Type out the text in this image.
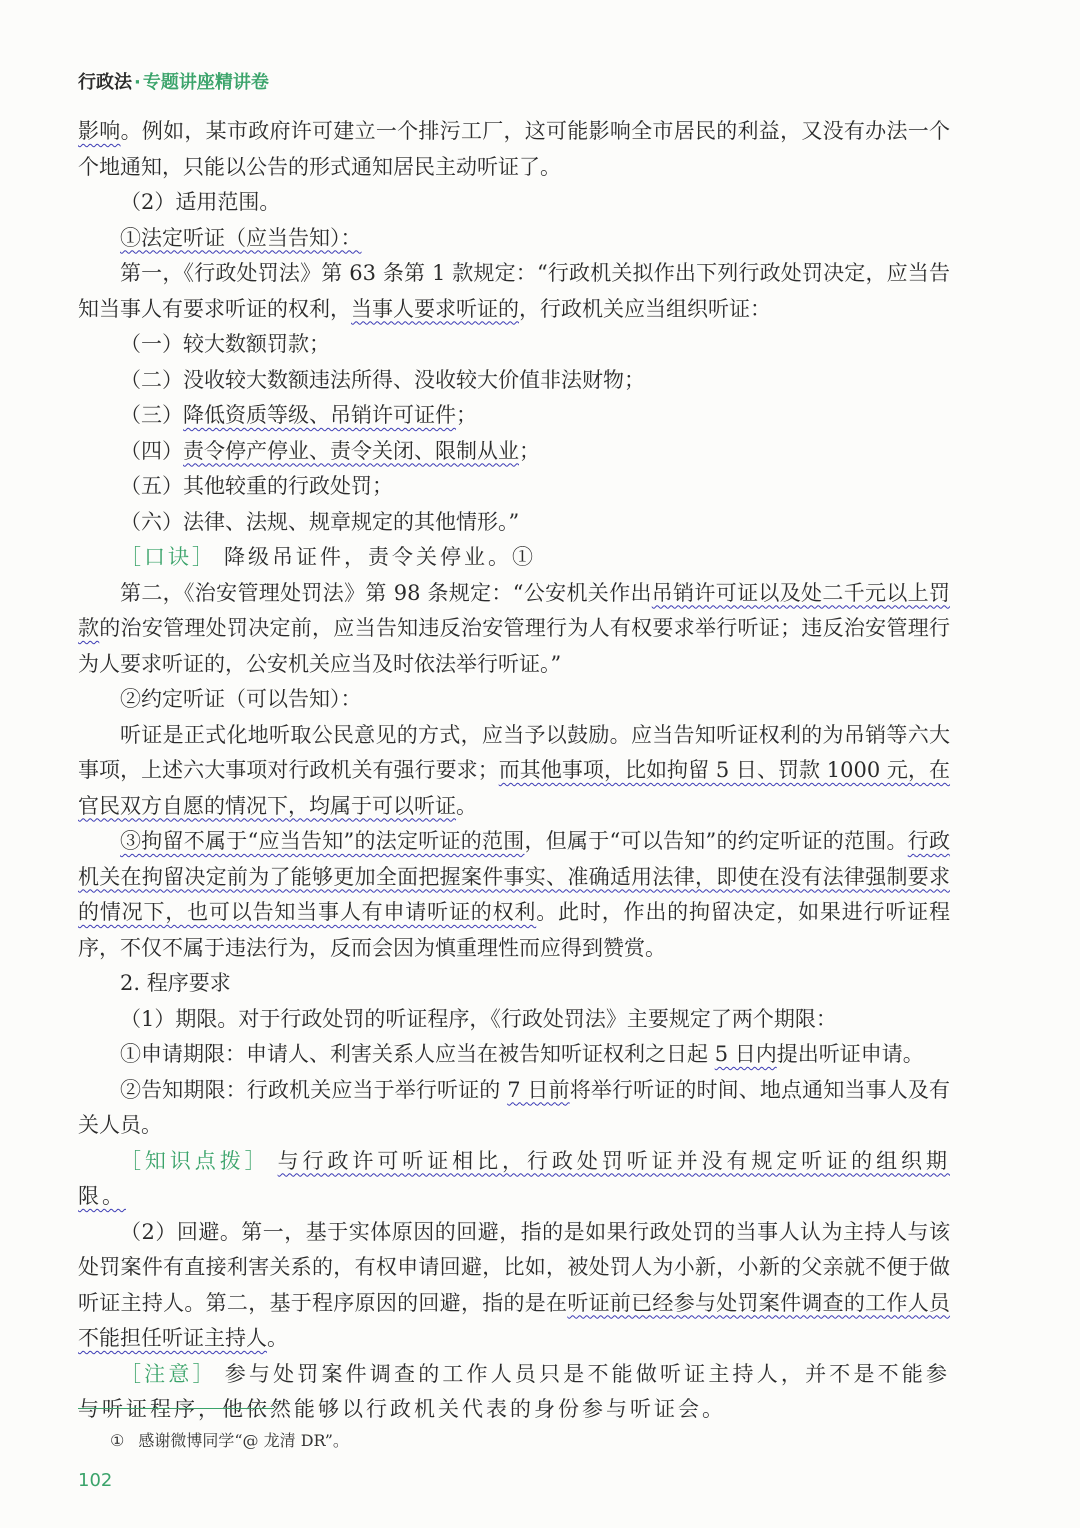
行政法 · 专题讲座精讲卷

影响。例如，某市政府许可建立一个排污工厂，这可能影响全市居民的利益，又没有办法一个个地通知，只能以公告的形式通知居民主动听证了。

（2）适用范围。

①法定听证（应当告知）：

第一，《行政处罚法》第 63 条第 1 款规定：“行政机关拟作出下列行政处罚决定，应当告知当事人有要求听证的权利，当事人要求听证的，行政机关应当组织听证：

（一）较大数额罚款；

（二）没收较大数额违法所得、没收较大价值非法财物；

（三）降低资质等级、吊销许可证件；

（四）责令停产停业、责令关闭、限制从业；

（五）其他较重的行政处罚；

（六）法律、法规、规章规定的其他情形。”

［口诀］ 降级吊证件，责令关停业。①

第二，《治安管理处罚法》第 98 条规定：“公安机关作出吊销许可证以及处二千元以上罚款的治安管理处罚决定前，应当告知违反治安管理行为人有权要求举行听证；违反治安管理行为人要求听证的，公安机关应当及时依法举行听证。”

②约定听证（可以告知）：

听证是正式化地听取公民意见的方式，应当予以鼓励。应当告知听证权利的为吊销等六大事项，上述六大事项对行政机关有强行要求；而其他事项，比如拘留 5 日、罚款 1000 元，在官民双方自愿的情况下，均属于可以听证。

③拘留不属于“应当告知”的法定听证的范围，但属于“可以告知”的约定听证的范围。行政机关在拘留决定前为了能够更加全面把握案件事实、准确适用法律，即使在没有法律强制要求的情况下，也可以告知当事人有申请听证的权利。此时，作出的拘留决定，如果进行听证程序，不仅不属于违法行为，反而会因为慎重理性而应得到赞赏。

2. 程序要求

（1）期限。对于行政处罚的听证程序，《行政处罚法》主要规定了两个期限：

①申请期限：申请人、利害关系人应当在被告知听证权利之日起 5 日内提出听证申请。

②告知期限：行政机关应当于举行听证的 7 日前将举行听证的时间、地点通知当事人及有关人员。

［知识点拨］ 与行政许可听证相比，行政处罚听证并没有规定听证的组织期限。

（2）回避。第一，基于实体原因的回避，指的是如果行政处罚的当事人认为主持人与该处罚案件有直接利害关系的，有权申请回避，比如，被处罚人为小新，小新的父亲就不便于做听证主持人。第二，基于程序原因的回避，指的是在听证前已经参与处罚案件调查的工作人员不能担任听证主持人。

［注意］ 参与处罚案件调查的工作人员只是不能做听证主持人，并不是不能参与听证程序，他依然能够以行政机关代表的身份参与听证会。

① 感谢微博同学“@ 龙清 DR”。
102
